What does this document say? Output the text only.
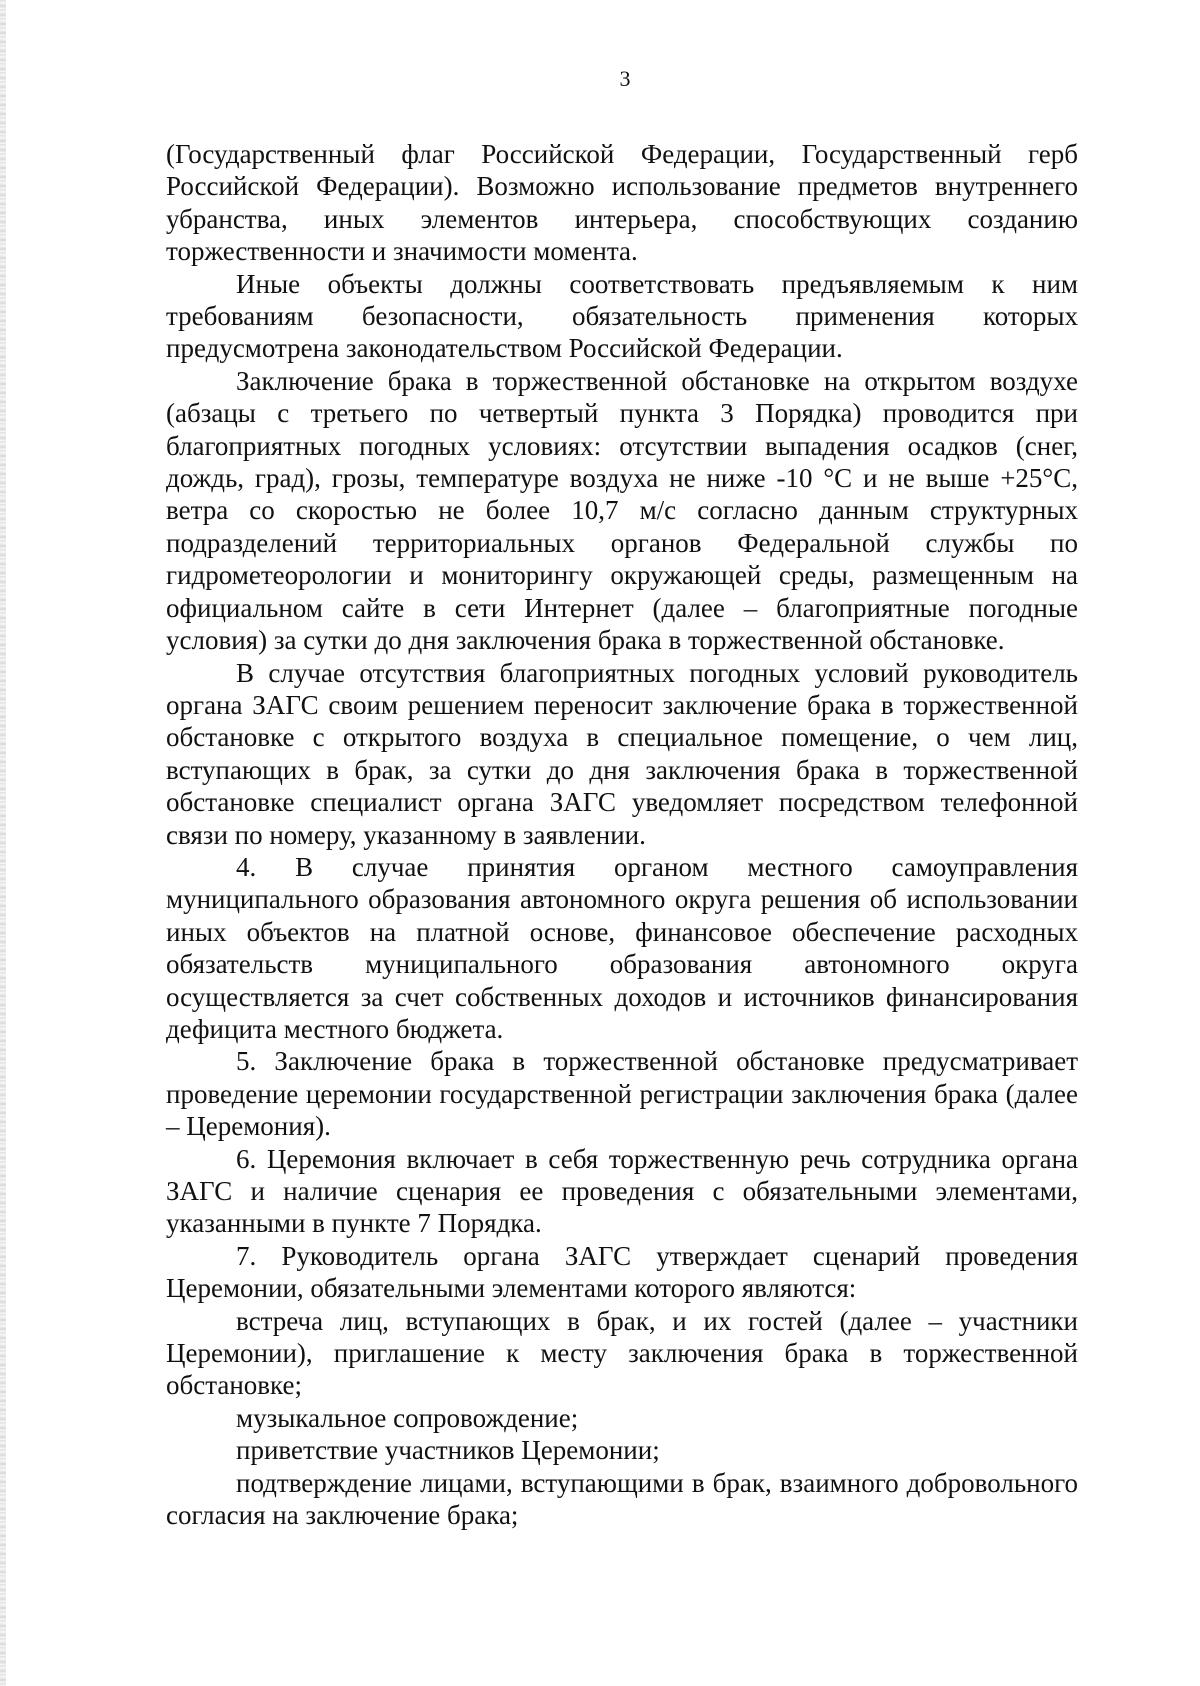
3

(Государственный флаг Российской Федерации, Государственный герб Российской Федерации). Возможно использование предметов внутреннего убранства, иных элементов интерьера, способствующих созданию торжественности и значимости момента.

Иные объекты должны соответствовать предъявляемым к ним требованиям безопасности, обязательность применения которых предусмотрена законодательством Российской Федерации.

Заключение брака в торжественной обстановке на открытом воздухе (абзацы с третьего по четвертый пункта 3 Порядка) проводится при благоприятных погодных условиях: отсутствии выпадения осадков (снег, дождь, град), грозы, температуре воздуха не ниже -10 °С и не выше +25°С, ветра со скоростью не более 10,7 м/с согласно данным структурных подразделений территориальных органов Федеральной службы по гидрометеорологии и мониторингу окружающей среды, размещенным на официальном сайте в сети Интернет (далее – благоприятные погодные условия) за сутки до дня заключения брака в торжественной обстановке.

В случае отсутствия благоприятных погодных условий руководитель органа ЗАГС своим решением переносит заключение брака в торжественной обстановке с открытого воздуха в специальное помещение, о чем лиц, вступающих в брак, за сутки до дня заключения брака в торжественной обстановке специалист органа ЗАГС уведомляет посредством телефонной связи по номеру, указанному в заявлении.

4. В случае принятия органом местного самоуправления муниципального образования автономного округа решения об использовании иных объектов на платной основе, финансовое обеспечение расходных обязательств муниципального образования автономного округа осуществляется за счет собственных доходов и источников финансирования дефицита местного бюджета.

5. Заключение брака в торжественной обстановке предусматривает проведение церемонии государственной регистрации заключения брака (далее – Церемония).

6. Церемония включает в себя торжественную речь сотрудника органа ЗАГС и наличие сценария ее проведения с обязательными элементами, указанными в пункте 7 Порядка.

7. Руководитель органа ЗАГС утверждает сценарий проведения Церемонии, обязательными элементами которого являются:

встреча лиц, вступающих в брак, и их гостей (далее – участники Церемонии), приглашение к месту заключения брака в торжественной обстановке;

музыкальное сопровождение;

приветствие участников Церемонии;

подтверждение лицами, вступающими в брак, взаимного добровольного согласия на заключение брака;
